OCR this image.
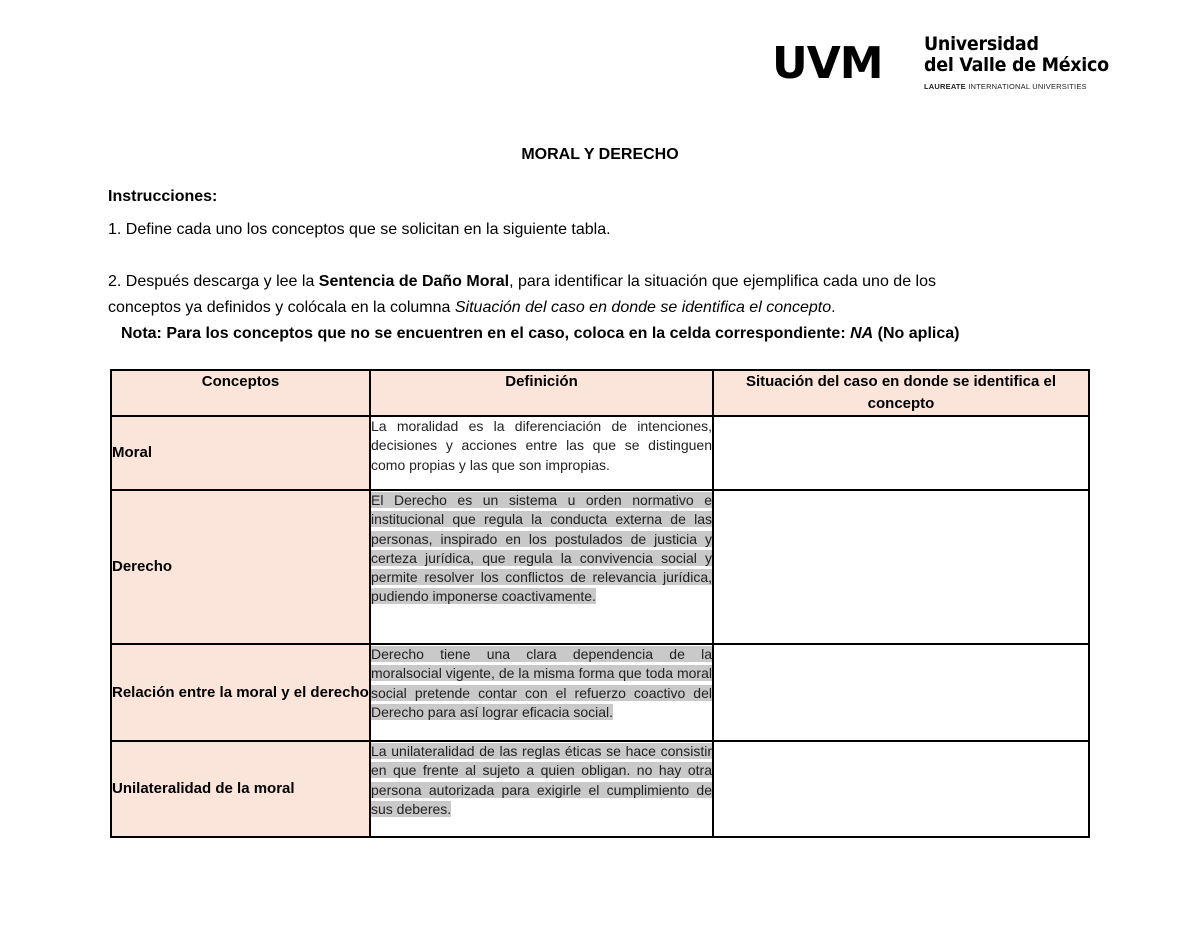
UVM Universidad
del Valle de México
LAUREATE INTERNATIONAL UNIVERSITIES
MORAL Y DERECHO
Instrucciones:
1. Define cada uno los conceptos que se solicitan en la siguiente tabla.
2. Después descarga y lee la Sentencia de Daño Moral, para identificar la situación que ejemplifica cada uno de los
conceptos ya definidos y colócala en la columna Situación del caso en donde se identifica el concepto.
Nota: Para los conceptos que no se encuentren en el caso, coloca en la celda correspondiente: NA (No aplica)
Conceptos	Definición	Situación del caso en donde se identifica el concepto
Moral	La moralidad es la diferenciación de intenciones, decisiones y acciones entre las que se distinguen como propias y las que son impropias.	

Derecho	El Derecho es un sistema u orden normativo e institucional que regula la conducta externa de las personas, inspirado en los postulados de justicia y certeza jurídica, que regula la convivencia social y permite resolver los conflictos de relevancia jurídica, pudiendo imponerse coactivamente.	

Relación entre la moral y el derecho	Derecho tiene una clara dependencia de la moralsocial vigente, de la misma forma que toda moral social pretende contar con el refuerzo coactivo del Derecho para así lograr eficacia social.	

Unilateralidad de la moral	La unilateralidad de las reglas éticas se hace consistir en que frente al sujeto a quien obligan. no hay otra persona autorizada para exigirle el cumplimiento de sus deberes.	
